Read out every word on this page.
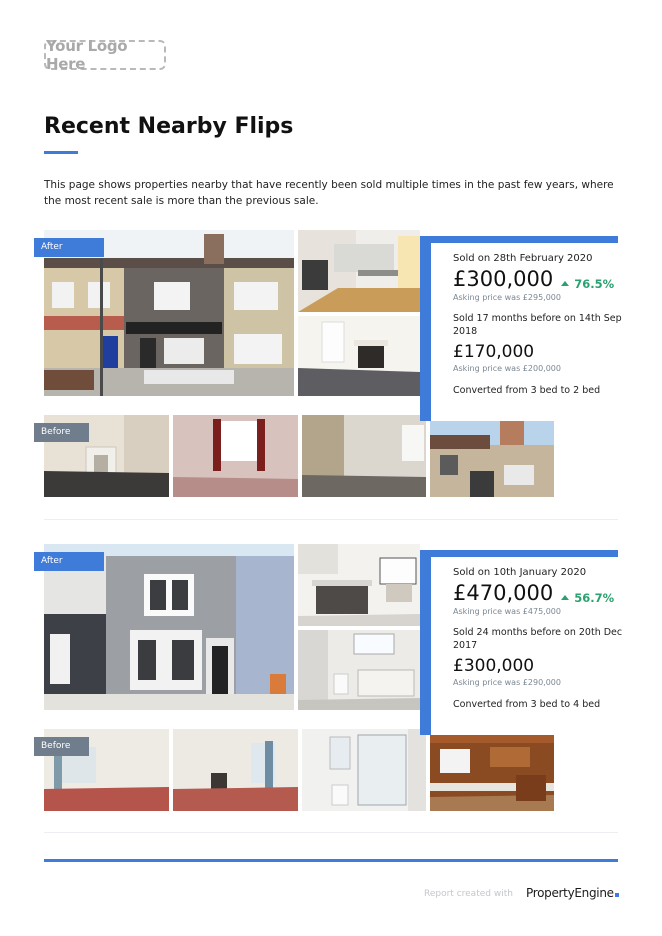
Your Logo Here
Recent Nearby Flips

This page shows properties nearby that have recently been sold multiple times in the past few years, where the most recent sale is more than the previous sale.

After
Before
Sold on 28th February 2020
£300,000 76.5%
Asking price was £295,000
Sold 17 months before on 14th Sep 2018
£170,000
Asking price was £200,000
Converted from 3 bed to 2 bed
After
Before
Sold on 10th January 2020
£470,000 56.7%
Asking price was £475,000
Sold 24 months before on 20th Dec 2017
£300,000
Asking price was £290,000
Converted from 3 bed to 4 bed
Report created with PropertyEngine
